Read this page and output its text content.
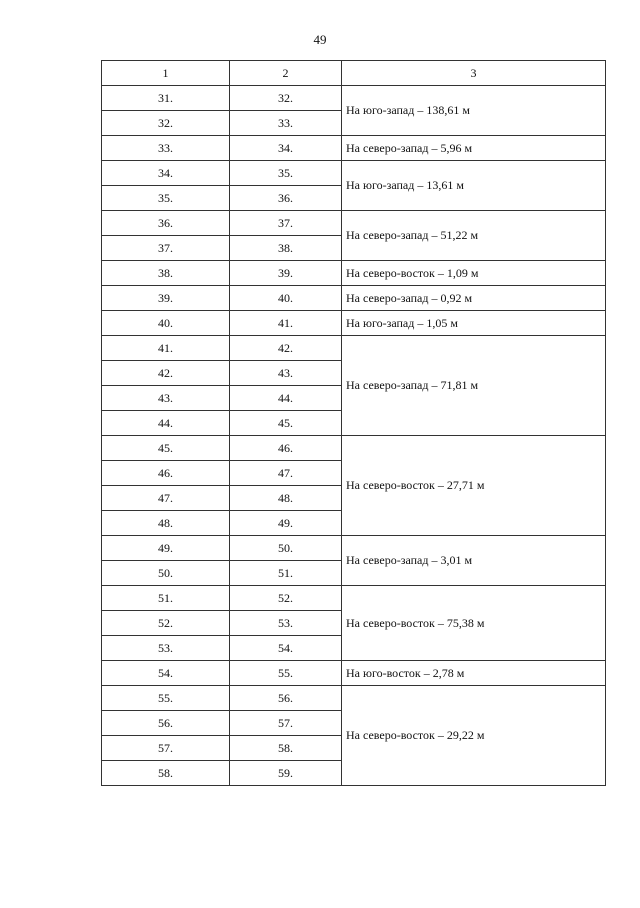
49
1	2	3
31.	32.	На юго-запад – 138,61 м
32.	33.	
33.	34.	На северо-запад – 5,96 м
34.	35.	На юго-запад – 13,61 м
35.	36.	
36.	37.	На северо-запад – 51,22 м
37.	38.	
38.	39.	На северо-восток – 1,09 м
39.	40.	На северо-запад – 0,92 м
40.	41.	На юго-запад – 1,05 м
41.	42.	На северо-запад – 71,81 м
42.	43.	
43.	44.	
44.	45.	
45.	46.	На северо-восток – 27,71 м
46.	47.	
47.	48.	
48.	49.	
49.	50.	На северо-запад – 3,01 м
50.	51.	
51.	52.	На северо-восток – 75,38 м
52.	53.	
53.	54.	
54.	55.	На юго-восток – 2,78 м
55.	56.	На северо-восток – 29,22 м
56.	57.	
57.	58.	
58.	59.	
